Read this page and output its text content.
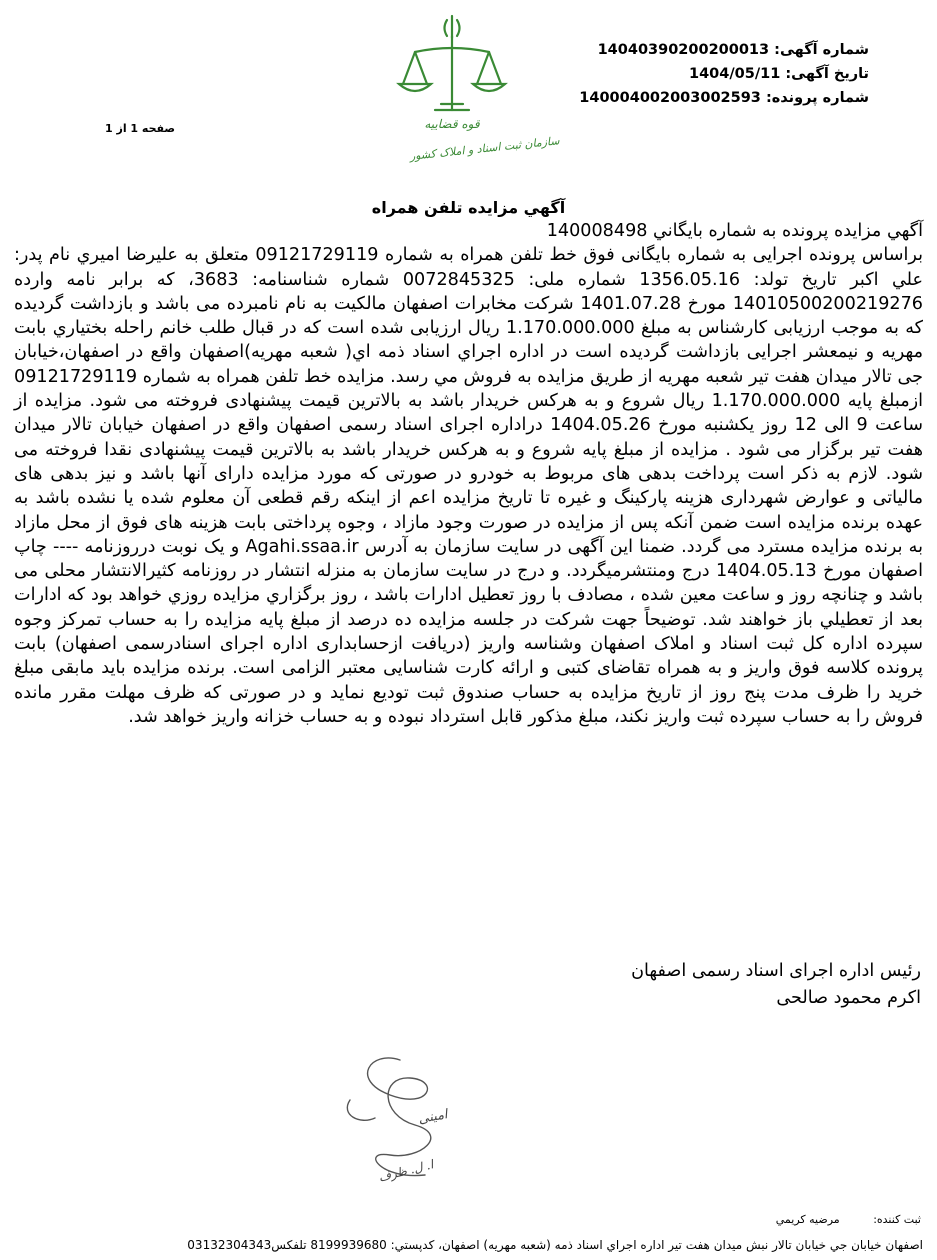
شماره آگهی: 14040390200200013
تاریخ آگهی: 1404/05/11
شماره پرونده: 140004002003002593
قوه قضاییه
سازمان ثبت اسناد و املاک کشور
صفحه 1 از 1
آگهي مزايده تلفن همراه

آگهي مزايده پرونده به شماره بايگاني 140008498

براساس پرونده اجرایی به شماره بایگانی فوق خط تلفن همراه به شماره 09121729119 متعلق به علیرضا اميري نام پدر: علي اكبر تاريخ تولد: 1356.05.16 شماره ملی: 0072845325 شماره شناسنامه: 3683، كه برابر نامه وارده 14010500200219276 مورخ 1401.07.28 شرکت مخابرات اصفهان مالکیت به نام نامبرده می باشد و بازداشت گردیده كه به موجب ارزیابی كارشناس به مبلغ 1.170.000.000 ریال ارزیابی شده است که در قبال طلب خانم راحله بختياري بابت مهريه و نيمعشر اجرایی بازداشت گردیده است در اداره اجراي اسناد ذمه اي( شعبه مهريه)اصفهان واقع در اصفهان،خيابان جی تالار میدان هفت تیر شعبه مهریه از طریق مزایده به فروش مي رسد. مزايده خط تلفن همراه به شماره 09121729119 ازمبلغ پایه 1.170.000.000 ریال شروع و به هركس خريدار باشد به بالاترين قيمت پیشنهادی فروخته می شود. مزایده از ساعت 9 الی 12 روز يكشنبه مورخ 1404.05.26 دراداره اجرای اسناد رسمی اصفهان واقع در اصفهان خيابان تالار ميدان هفت تير برگزار می شود . مزایده از مبلغ پایه شروع و به هرکس خریدار باشد به بالاترین قیمت پیشنهادی نقدا فروخته می شود. لازم به ذکر است پرداخت بدهی های مربوط به خودرو در صورتی که مورد مزایده دارای آنها باشد و نیز بدهی های مالیاتی و عوارض شهرداری هزینه پارکینگ و غیره تا تاریخ مزایده اعم از اینکه رقم قطعی آن معلوم شده یا نشده باشد به عهده برنده مزایده است ضمن آنکه پس از مزایده در صورت وجود مازاد ، وجوه پرداختی بابت هزینه های فوق از محل مازاد به برنده مزایده مسترد می گردد. ضمنا این آگهی در سایت سازمان به آدرس Agahi.ssaa.ir و یک نوبت درروزنامه ---- چاپ اصفهان مورخ 1404.05.13 درج ومنتشرمیگردد. و درج در سایت سازمان به منزله انتشار در روزنامه کثیرالانتشار محلی می باشد و چنانچه روز و ساعت معین شده ، مصادف با روز تعطیل ادارات باشد ، روز برگزاري مزايده روزي خواهد بود كه ادارات بعد از تعطيلي باز خواهند شد. توضیحاً جهت شرکت در جلسه مزایده ده درصد از مبلغ پایه مزایده را به حساب تمرکز وجوه سپرده اداره کل ثبت اسناد و املاک اصفهان وشناسه واریز (دریافت ازحسابداری اداره اجرای اسنادرسمی اصفهان) بابت پرونده کلاسه فوق واریز و به همراه تقاضای کتبی و ارائه کارت شناسایی معتبر الزامی است. برنده مزایده باید مابقی مبلغ خرید را ظرف مدت پنج روز از تاريخ مزايده به حساب صندوق ثبت توديع نمايد و در صورتی که ظرف مهلت مقرر مانده فروش را به حساب سپرده ثبت واریز نکند، مبلغ مذکور قابل استرداد نبوده و به حساب خزانه واریز خواهد شد.

رئیس اداره اجرای اسناد رسمی اصفهان
اکرم محمود صالحی
امینی
ا. ل. ظرف
ثبت كننده: مرضيه كريمي
اصفهان خيابان جي خيابان تالار نبش ميدان هفت تير اداره اجراي اسناد ذمه (شعبه مهريه) اصفهان، كدپستي: 8199939680 تلفكس03132304343
